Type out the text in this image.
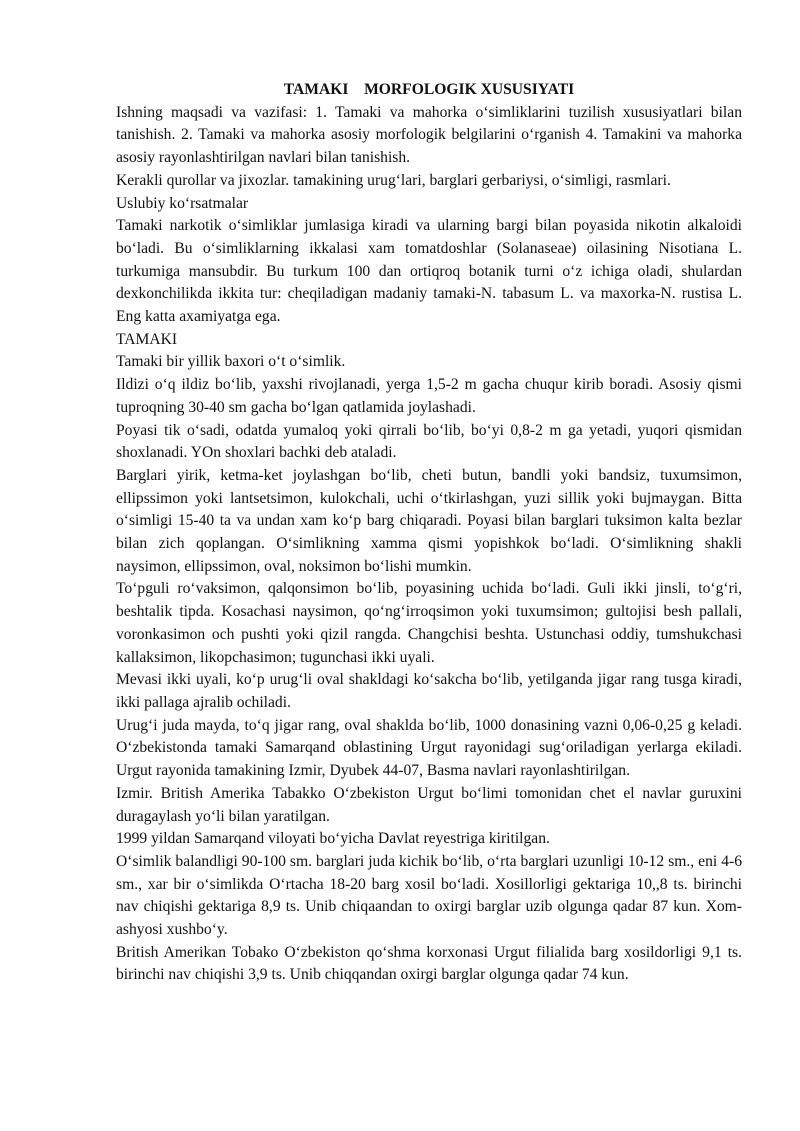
TAMAKI    MORFOLOGIK XUSUSIYATI

Ishning maqsadi va vazifasi: 1. Tamaki va mahorka o‘simliklarini tuzilish xususiyatlari bilan tanishish. 2. Tamaki va mahorka asosiy morfologik belgilarini o‘rganish 4. Tamakini va mahorka asosiy rayonlashtirilgan navlari bilan tanishish.

Kerakli qurollar va jixozlar. tamakining urug‘lari, barglari gerbariysi, o‘simligi, rasmlari.

Uslubiy ko‘rsatmalar

Tamaki narkotik o‘simliklar jumlasiga kiradi va ularning bargi bilan poyasida nikotin alkaloidi bo‘ladi. Bu o‘simliklarning ikkalasi xam tomatdoshlar (Solanaseae) oilasining Nisotiana L. turkumiga mansubdir. Bu turkum 100 dan ortiqroq botanik turni o‘z ichiga oladi, shulardan dexkonchilikda ikkita tur: cheqiladigan madaniy tamaki-N. tabasum L. va maxorka-N. rustisa L. Eng katta axamiyatga ega.

TAMAKI

Tamaki bir yillik baxori o‘t o‘simlik.

Ildizi o‘q ildiz bo‘lib, yaxshi rivojlanadi, yerga 1,5-2 m gacha chuqur kirib boradi. Asosiy qismi tuproqning 30-40 sm gacha bo‘lgan qatlamida joylashadi.

Poyasi tik o‘sadi, odatda yumaloq yoki qirrali bo‘lib, bo‘yi 0,8-2 m ga yetadi, yuqori qismidan shoxlanadi. YOn shoxlari bachki deb ataladi.

Barglari yirik, ketma-ket joylashgan bo‘lib, cheti butun, bandli yoki bandsiz, tuxumsimon, ellipssimon yoki lantsetsimon, kulokchali, uchi o‘tkirlashgan, yuzi sillik yoki bujmaygan. Bitta o‘simligi 15-40 ta va undan xam ko‘p barg chiqaradi. Poyasi bilan barglari tuksimon kalta bezlar bilan zich qoplangan. O‘simlikning xamma qismi yopishkok bo‘ladi. O‘simlikning shakli naysimon, ellipssimon, oval, noksimon bo‘lishi mumkin.

To‘pguli ro‘vaksimon, qalqonsimon bo‘lib, poyasining uchida bo‘ladi. Guli ikki jinsli, to‘g‘ri, beshtalik tipda. Kosachasi naysimon, qo‘ng‘irroqsimon yoki tuxumsimon; gultojisi besh pallali, voronkasimon och pushti yoki qizil rangda. Changchisi beshta. Ustunchasi oddiy, tumshukchasi kallaksimon, likopchasimon; tugunchasi ikki uyali.

Mevasi ikki uyali, ko‘p urug‘li oval shakldagi ko‘sakcha bo‘lib, yetilganda jigar rang tusga kiradi, ikki pallaga ajralib ochiladi.

Urug‘i juda mayda, to‘q jigar rang, oval shaklda bo‘lib, 1000 donasining vazni 0,06-0,25 g keladi. O‘zbekistonda tamaki Samarqand oblastining Urgut rayonidagi sug‘oriladigan yerlarga ekiladi. Urgut rayonida tamakining Izmir, Dyubek 44-07, Basma navlari rayonlashtirilgan.

Izmir. British Amerika Tabakko O‘zbekiston Urgut bo‘limi tomonidan chet el navlar guruxini duragaylash yo‘li bilan yaratilgan.

1999 yildan Samarqand viloyati bo‘yicha Davlat reyestriga kiritilgan.

O‘simlik balandligi 90-100 sm. barglari juda kichik bo‘lib, o‘rta barglari uzunligi 10-12 sm., eni 4-6 sm., xar bir o‘simlikda O‘rtacha 18-20 barg xosil bo‘ladi. Xosillorligi gektariga 10,,8 ts. birinchi nav chiqishi gektariga 8,9 ts. Unib chiqaandan to oxirgi barglar uzib olgunga qadar 87 kun. Xom-ashyosi xushbo‘y.

British Amerikan Tobako O‘zbekiston qo‘shma korxonasi Urgut filialida barg xosildorligi 9,1 ts. birinchi nav chiqishi 3,9 ts. Unib chiqqandan oxirgi barglar olgunga qadar 74 kun.
